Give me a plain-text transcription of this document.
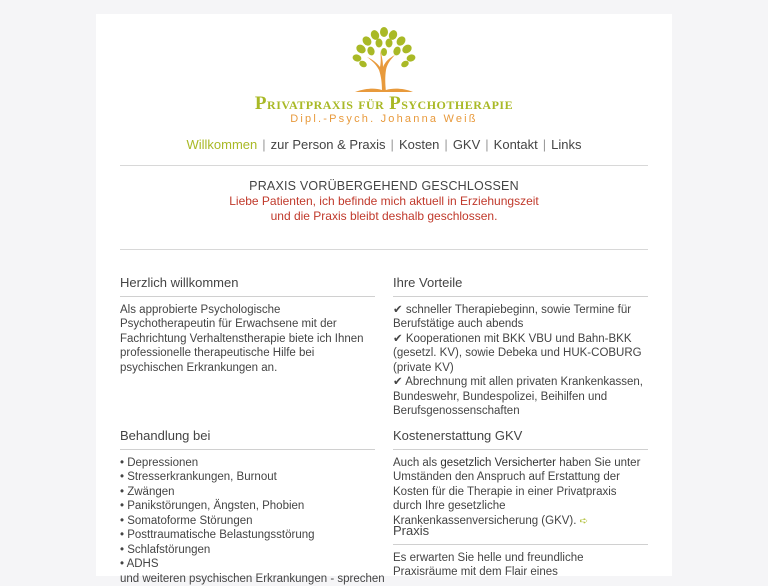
Privatpraxis für Psychotherapie
Dipl.-Psych. Johanna Weiß
Willkommen | zur Person & Praxis | Kosten | GKV | Kontakt | Links
PRAXIS VORÜBERGEHEND GESCHLOSSEN
Liebe Patienten, ich befinde mich aktuell in Erziehungszeit
und die Praxis bleibt deshalb geschlossen.
Herzlich willkommen

Als approbierte Psychologische Psychotherapeutin für Erwachsene mit der Fachrichtung Verhaltenstherapie biete ich Ihnen professionelle therapeutische Hilfe bei psychischen Erkrankungen an.

Ihre Vorteile
✔ schneller Therapiebeginn, sowie Termine für Berufstätige auch abends
✔ Kooperationen mit BKK VBU und Bahn-BKK (gesetzl. KV), sowie Debeka und HUK-COBURG (private KV)
✔ Abrechnung mit allen privaten Krankenkassen, Bundeswehr, Bundespolizei, Beihilfen und Berufsgenossenschaften
Behandlung bei
• Depressionen
• Stresserkrankungen, Burnout
• Zwängen
• Panikstörungen, Ängsten, Phobien
• Somatoforme Störungen
• Posttraumatische Belastungsstörung
• Schlafstörungen
• ADHS

und weiteren psychischen Erkrankungen - sprechen

Kostenerstattung GKV

Auch als gesetzlich Versicherter haben Sie unter Umständen den Anspruch auf Erstattung der Kosten für die Therapie in einer Privatpraxis durch Ihre gesetzliche Krankenkassenversicherung (GKV). ➪

Praxis

Es erwarten Sie helle und freundliche

Praxisräume mit dem Flair eines
